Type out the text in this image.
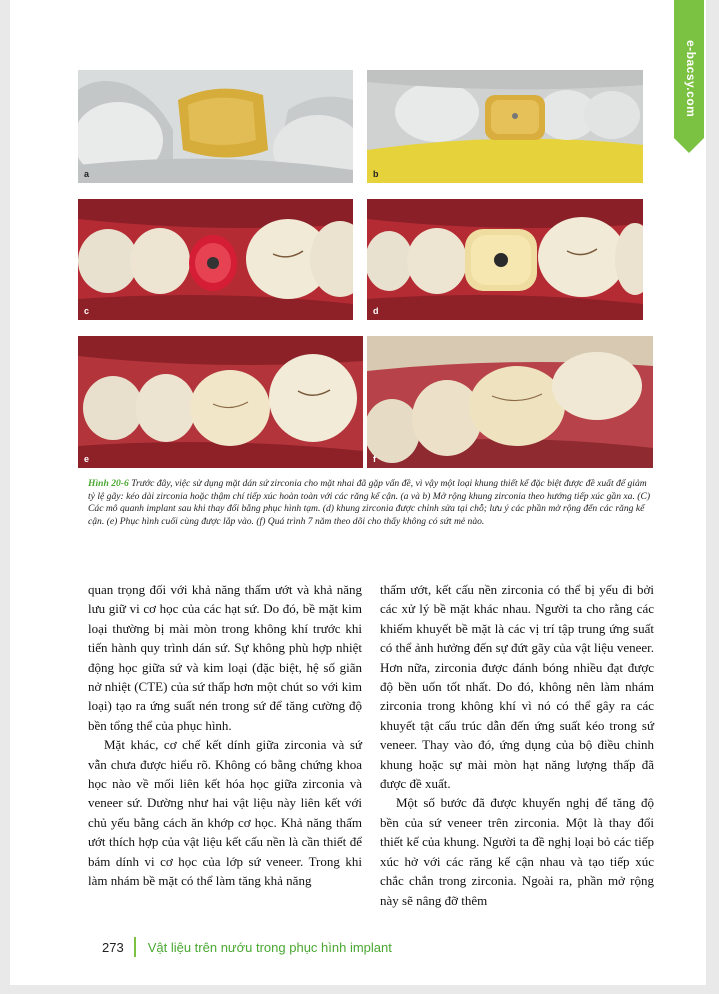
e-bacsy.com
a	b
c	d
e	f
Hình 20-6 Trước đây, việc sử dụng mặt dán sứ zirconia cho mặt nhai đã gặp vấn đề, vì vậy một loại khung thiết kế đặc biệt được đề xuất để giảm tỷ lệ gãy: kéo dài zirconia hoặc thậm chí tiếp xúc hoàn toàn với các răng kế cận. (a và b) Mở rộng khung zirconia theo hướng tiếp xúc gần xa. (C) Các mô quanh implant sau khi thay đổi bằng phục hình tạm. (d) khung zirconia được chỉnh sửa tại chỗ; lưu ý các phần mở rộng đến các răng kế cận. (e) Phục hình cuối cùng được lắp vào. (f) Quá trình 7 năm theo dõi cho thấy không có sứt mẻ nào.

quan trọng đối với khả năng thấm ướt và khả năng lưu giữ vi cơ học của các hạt sứ. Do đó, bề mặt kim loại thường bị mài mòn trong không khí trước khi tiến hành quy trình dán sứ. Sự không phù hợp nhiệt động học giữa sứ và kim loại (đặc biệt, hệ số giãn nở nhiệt (CTE) của sứ thấp hơn một chút so với kim loại) tạo ra ứng suất nén trong sứ để tăng cường độ bền tổng thể của phục hình.

Mặt khác, cơ chế kết dính giữa zirconia và sứ vẫn chưa được hiểu rõ. Không có bằng chứng khoa học nào về mối liên kết hóa học giữa zirconia và veneer sứ. Dường như hai vật liệu này liên kết với chủ yếu bằng cách ăn khớp cơ học. Khả năng thấm ướt thích hợp của vật liệu kết cấu nền là cần thiết để bám dính vi cơ học của lớp sứ veneer. Trong khi làm nhám bề mặt có thể làm tăng khả năng

thấm ướt, kết cấu nền zirconia có thể bị yếu đi bởi các xử lý bề mặt khác nhau. Người ta cho rằng các khiếm khuyết bề mặt là các vị trí tập trung ứng suất có thể ảnh hưởng đến sự đứt gãy của vật liệu veneer. Hơn nữa, zirconia được đánh bóng nhiều đạt được độ bền uốn tốt nhất. Do đó, không nên làm nhám zirconia trong không khí vì nó có thể gây ra các khuyết tật cấu trúc dẫn đến ứng suất kéo trong sứ veneer. Thay vào đó, ứng dụng của bộ điều chỉnh khung hoặc sự mài mòn hạt năng lượng thấp đã được đề xuất.

Một số bước đã được khuyến nghị để tăng độ bền của sứ veneer trên zirconia. Một là thay đổi thiết kế của khung. Người ta đề nghị loại bỏ các tiếp xúc hở với các răng kế cận nhau và tạo tiếp xúc chắc chắn trong zirconia. Ngoài ra, phần mở rộng này sẽ nâng đỡ thêm

273 Vật liệu trên nướu trong phục hình implant
